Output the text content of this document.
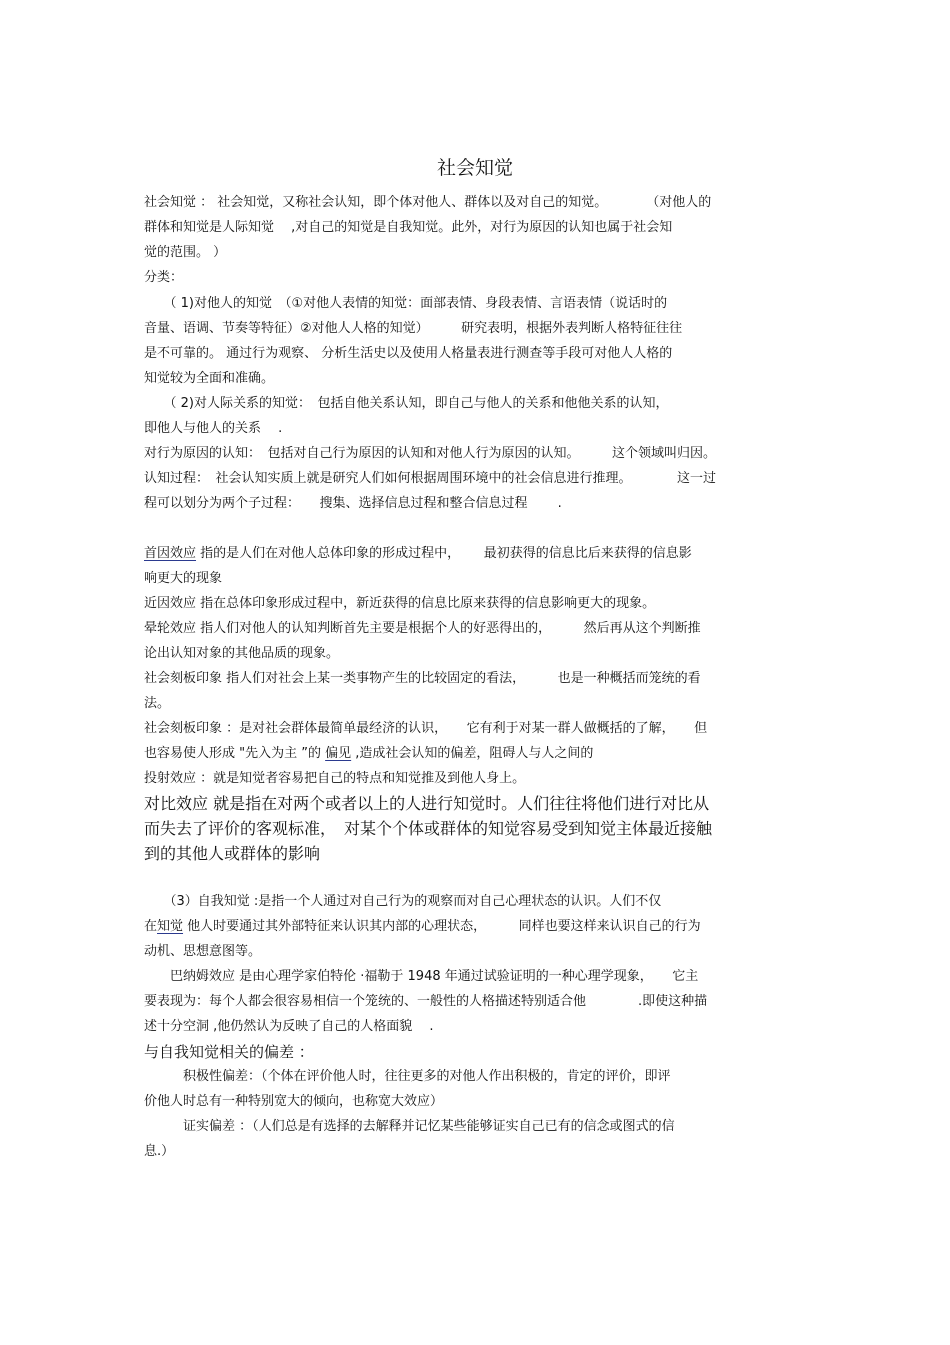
社会知觉
社会知觉 ： 社会知觉，又称社会认知，即个体对他人、群体以及对自己的知觉。　　　　（对他人的
群体和知觉是人际知觉　 ,对自己的知觉是自我知觉。此外，对行为原因的认知也属于社会知
觉的范围。 ）
分类：
　　（ 1)对他人的知觉　（①对他人表情的知觉：面部表情、身段表情、言语表情（说话时的
音量、语调、节奏等特征）②对他人人格的知觉）　　　研究表明，根据外表判断人格特征往往
是不可靠的。 通过行为观察、 分析生活史以及使用人格量表进行测查等手段可对他人人格的
知觉较为全面和准确。
　　（ 2)对人际关系的知觉：　包括自他关系认知，即自己与他人的关系和他他关系的认知，
即他人与他人的关系　 .
对行为原因的认知：　包括对自己行为原因的认知和对他人行为原因的认知。　　　这个领域叫归因。
认知过程：　社会认知实质上就是研究人们如何根据周围环境中的社会信息进行推理。　　　　这一过
程可以划分为两个子过程：　　搜集、选择信息过程和整合信息过程　　 .
首因效应 指的是人们在对他人总体印象的形成过程中，　　 最初获得的信息比后来获得的信息影
响更大的现象
近因效应 指在总体印象形成过程中，新近获得的信息比原来获得的信息影响更大的现象。
晕轮效应 指人们对他人的认知判断首先主要是根据个人的好恶得出的，　　　然后再从这个判断推
论出认知对象的其他品质的现象。
社会刻板印象 指人们对社会上某一类事物产生的比较固定的看法，　　　也是一种概括而笼统的看
法。
社会刻板印象 ：是对社会群体最简单最经济的认识，　　它有利于对某一群人做概括的了解，　　但
也容易使人形成 "先入为主 ”的 偏见 ,造成社会认知的偏差，阻碍人与人之间的
投射效应 ：就是知觉者容易把自己的特点和知觉推及到他人身上。
对比效应 就是指在对两个或者以上的人进行知觉时。人们往往将他们进行对比从
而失去了评价的客观标准，　对某个个体或群体的知觉容易受到知觉主体最近接触
到的其他人或群体的影响
　　（3）自我知觉 :是指一个人通过对自己行为的观察而对自己心理状态的认识。人们不仅
在知觉 他人时要通过其外部特征来认识其内部的心理状态，　　　同样也要这样来认识自己的行为
动机、思想意图等。
　　巴纳姆效应 是由心理学家伯特伦 ·福勒于 1948 年通过试验证明的一种心理学现象，　　它主
要表现为：每个人都会很容易相信一个笼统的、一般性的人格描述特别适合他　　　　.即使这种描
述十分空洞 ,他仍然认为反映了自己的人格面貌　 .
与自我知觉相关的偏差 ：
　　　积极性偏差：（个体在评价他人时，往往更多的对他人作出积极的，肯定的评价，即评
价他人时总有一种特别宽大的倾向，也称宽大效应）
　　　证实偏差 ：（人们总是有选择的去解释并记忆某些能够证实自己已有的信念或图式的信
息.）
